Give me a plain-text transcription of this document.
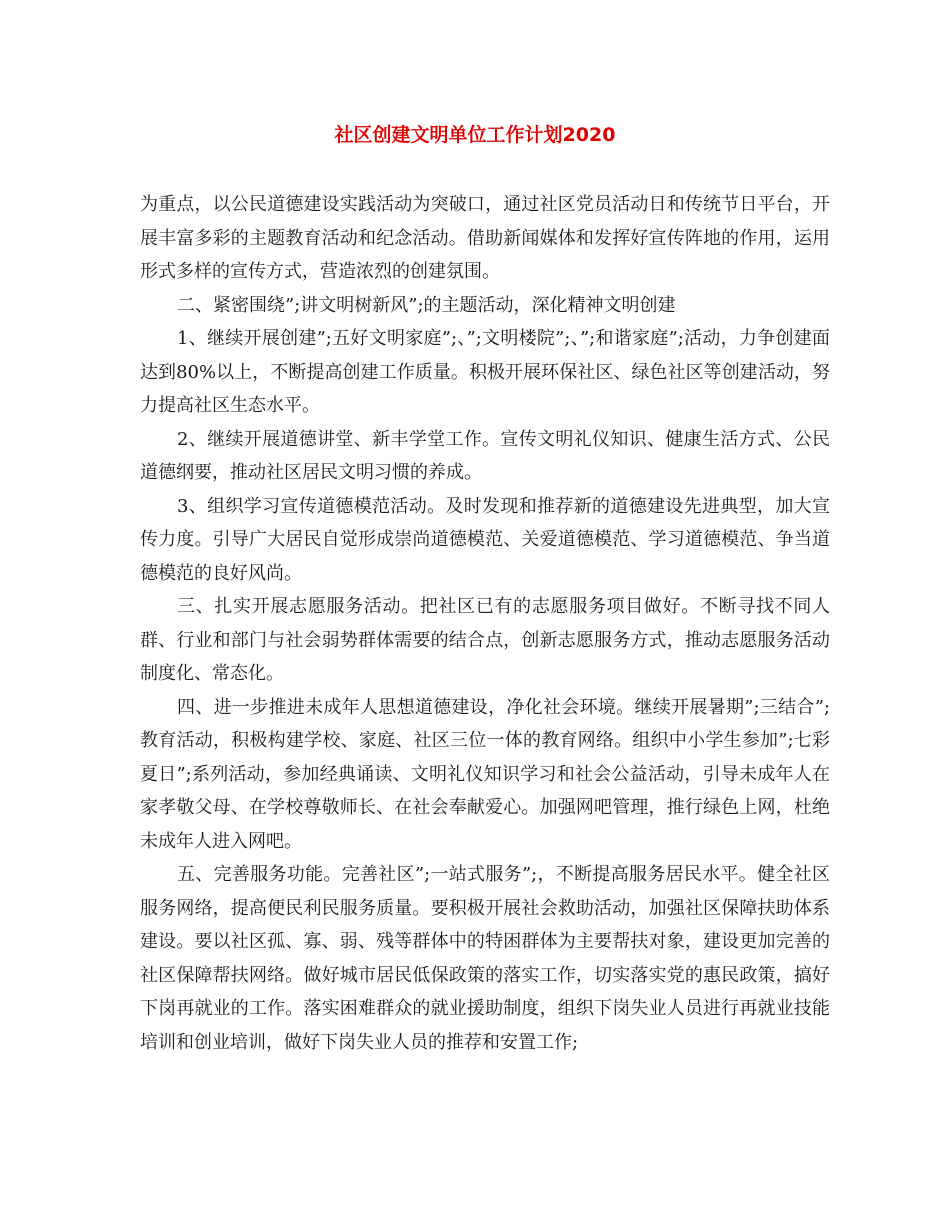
社区创建文明单位工作计划2020

为重点，以公民道德建设实践活动为突破口，通过社区党员活动日和传统节日平台，开展丰富多彩的主题教育活动和纪念活动。借助新闻媒体和发挥好宣传阵地的作用，运用形式多样的宣传方式，营造浓烈的创建氛围。

二、紧密围绕”;讲文明树新风”;的主题活动，深化精神文明创建

1、继续开展创建”;五好文明家庭”;、”;文明楼院”;、”;和谐家庭”;活动，力争创建面达到80%以上，不断提高创建工作质量。积极开展环保社区、绿色社区等创建活动，努力提高社区生态水平。

2、继续开展道德讲堂、新丰学堂工作。宣传文明礼仪知识、健康生活方式、公民道德纲要，推动社区居民文明习惯的养成。

3、组织学习宣传道德模范活动。及时发现和推荐新的道德建设先进典型，加大宣传力度。引导广大居民自觉形成崇尚道德模范、关爱道德模范、学习道德模范、争当道德模范的良好风尚。

三、扎实开展志愿服务活动。把社区已有的志愿服务项目做好。不断寻找不同人群、行业和部门与社会弱势群体需要的结合点，创新志愿服务方式，推动志愿服务活动制度化、常态化。

四、进一步推进未成年人思想道德建设，净化社会环境。继续开展暑期”;三结合”;教育活动，积极构建学校、家庭、社区三位一体的教育网络。组织中小学生参加”;七彩夏日”;系列活动，参加经典诵读、文明礼仪知识学习和社会公益活动，引导未成年人在家孝敬父母、在学校尊敬师长、在社会奉献爱心。加强网吧管理，推行绿色上网，杜绝未成年人进入网吧。

五、完善服务功能。完善社区”;一站式服务”;，不断提高服务居民水平。健全社区服务网络，提高便民利民服务质量。要积极开展社会救助活动，加强社区保障扶助体系建设。要以社区孤、寡、弱、残等群体中的特困群体为主要帮扶对象，建设更加完善的社区保障帮扶网络。做好城市居民低保政策的落实工作，切实落实党的惠民政策，搞好下岗再就业的工作。落实困难群众的就业援助制度，组织下岗失业人员进行再就业技能培训和创业培训，做好下岗失业人员的推荐和安置工作;
